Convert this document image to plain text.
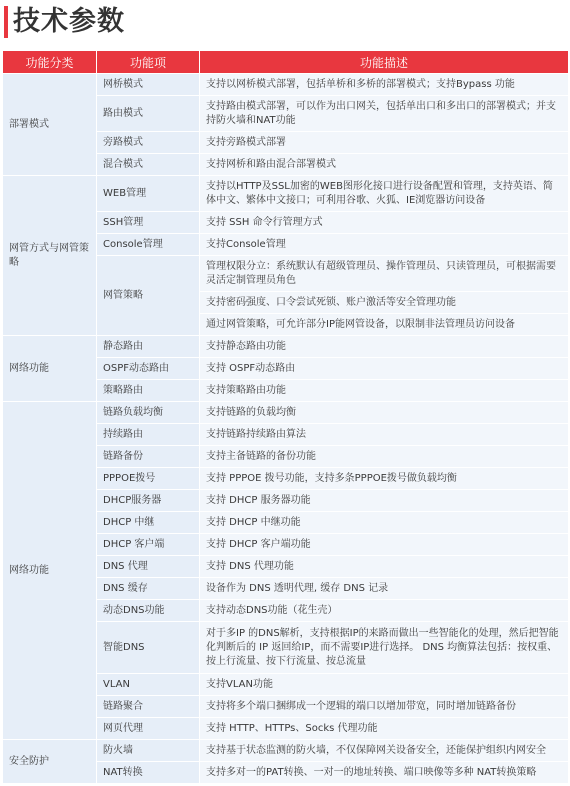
技术参数
功能分类	功能项	功能描述
部署模式	网桥模式	支持以网桥模式部署，包括单桥和多桥的部署模式；支持Bypass 功能
	路由模式	支持路由模式部署，可以作为出口网关，包括单出口和多出口的部署模式；并支持防火墙和NAT功能
	旁路模式	支持旁路模式部署
	混合模式	支持网桥和路由混合部署模式
网管方式与网管策略	WEB管理	支持以HTTP及SSL加密的WEB图形化接口进行设备配置和管理，支持英语、简体中文、繁体中文接口；可利用谷歌、火狐、IE浏览器访问设备
	SSH管理	支持 SSH 命令行管理方式
	Console管理	支持Console管理
	网管策略	管理权限分立：系统默认有超级管理员、操作管理员、只读管理员，可根据需要灵活定制管理员角色
		支持密码强度、口令尝试死锁、账户激活等安全管理功能
		通过网管策略，可允许部分IP能网管设备，以限制非法管理员访问设备
网络功能	静态路由	支持静态路由功能
	OSPF动态路由	支持 OSPF动态路由
	策略路由	支持策略路由功能
网络功能	链路负载均衡	支持链路的负载均衡
	持续路由	支持链路持续路由算法
	链路备份	支持主备链路的备份功能
	PPPOE拨号	支持 PPPOE 拨号功能，支持多条PPPOE拨号做负载均衡
	DHCP服务器	支持 DHCP 服务器功能
	DHCP 中继	支持 DHCP 中继功能
	DHCP 客户端	支持 DHCP 客户端功能
	DNS 代理	支持 DNS 代理功能
	DNS 缓存	设备作为 DNS 透明代理, 缓存 DNS 记录
	动态DNS功能	支持动态DNS功能（花生壳）
	智能DNS	对于多IP 的DNS解析，支持根据IP的来路而做出一些智能化的处理，然后把智能化判断后的 IP 返回给IP，而不需要IP进行选择。 DNS 均衡算法包括：按权重、按上行流量、按下行流量、按总流量
	VLAN	支持VLAN功能
	链路聚合	支持将多个端口捆绑成一个逻辑的端口以增加带宽，同时增加链路备份
	网页代理	支持 HTTP、HTTPs、Socks 代理功能
安全防护	防火墙	支持基于状态监测的防火墙，不仅保障网关设备安全，还能保护组织内网安全
	NAT转换	支持多对一的PAT转换、一对一的地址转换、端口映像等多种 NAT转换策略
